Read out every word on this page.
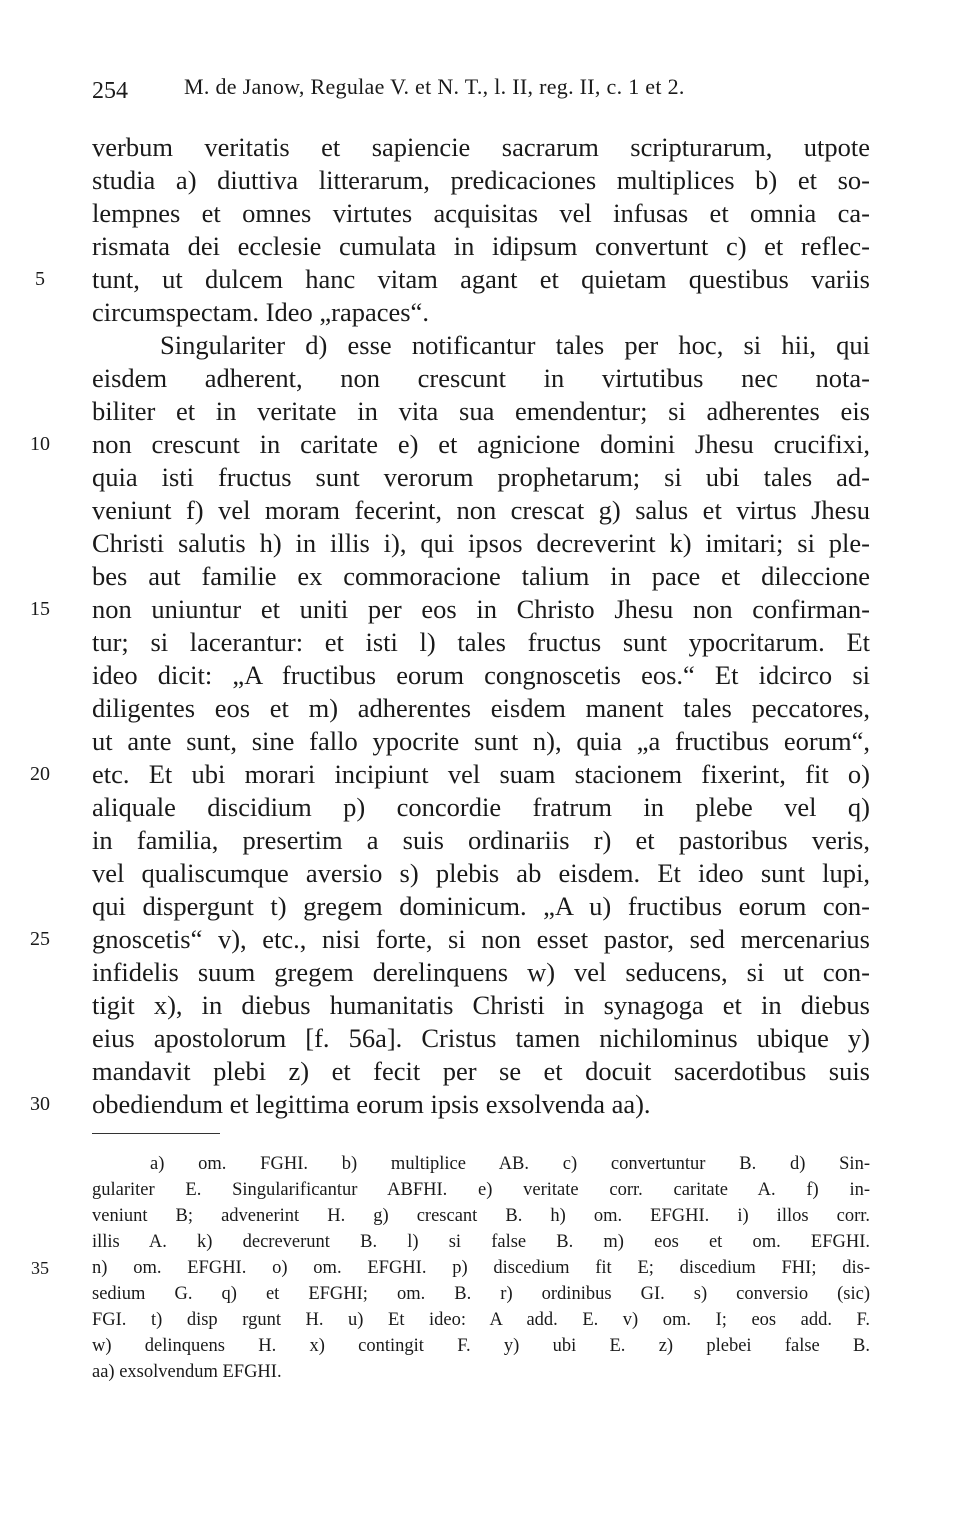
254	M. de Janow, Regulae V. et N. T., l. II, reg. II, c. 1 et 2.
verbum veritatis et sapiencie sacrarum scripturarum, utpote
studia a) diuttiva litterarum, predicaciones multiplices b) et so-
lempnes et omnes virtutes acquisitas vel infusas et omnia ca-
rismata dei ecclesie cumulata in idipsum convertunt c) et reflec-
5	tunt, ut dulcem hanc vitam agant et quietam questibus variis
circumspectam. Ideo „rapaces“.
Singulariter d) esse notificantur tales per hoc, si hii, qui
eisdem adherent, non crescunt in virtutibus nec nota-
biliter et in veritate in vita sua emendentur; si adherentes eis
10	non crescunt in caritate e) et agnicione domini Jhesu crucifixi,
quia isti fructus sunt verorum prophetarum; si ubi tales ad-
veniunt f) vel moram fecerint, non crescat g) salus et virtus Jhesu
Christi salutis h) in illis i), qui ipsos decreverint k) imitari; si ple-
bes aut familie ex commoracione talium in pace et dileccione
15	non uniuntur et uniti per eos in Christo Jhesu non confirman-
tur; si lacerantur: et isti l) tales fructus sunt ypocritarum. Et
ideo dicit: „A fructibus eorum congnoscetis eos.“ Et idcirco si
diligentes eos et m) adherentes eisdem manent tales peccatores,
ut ante sunt, sine fallo ypocrite sunt n), quia „a fructibus eorum“,
20	etc. Et ubi morari incipiunt vel suam stacionem fixerint, fit o)
aliquale discidium p) concordie fratrum in plebe vel q)
in familia, presertim a suis ordinariis r) et pastoribus veris,
vel qualiscumque aversio s) plebis ab eisdem. Et ideo sunt lupi,
qui dispergunt t) gregem dominicum. „A u) fructibus eorum con-
25	gnoscetis“ v), etc., nisi forte, si non esset pastor, sed mercenarius
infidelis suum gregem derelinquens w) vel seducens, si ut con-
tigit x), in diebus humanitatis Christi in synagoga et in diebus
eius apostolorum [f. 56a]. Cristus tamen nichilominus ubique y)
mandavit plebi z) et fecit per se et docuit sacerdotibus suis
30	obediendum et legittima eorum ipsis exsolvenda aa).
a) om. FGHI. b) multiplice AB. c) convertuntur B. d) Sin-
gulariter E. Singularificantur ABFHI. e) veritate corr. caritate A. f) in-
veniunt B; advenerint H. g) crescant B. h) om. EFGHI. i) illos corr.
illis A. k) decreverunt B. l) si false B. m) eos et om. EFGHI.
35	n) om. EFGHI. o) om. EFGHI. p) discedium fit E; discedium FHI; dis-
sedium G. q) et EFGHI; om. B. r) ordinibus GI. s) conversio (sic)
FGI. t) disp rgunt H. u) Et ideo: A add. E. v) om. I; eos add. F.
w) delinquens H. x) contingit F. y) ubi E. z) plebei false B.
aa) exsolvendum EFGHI.
